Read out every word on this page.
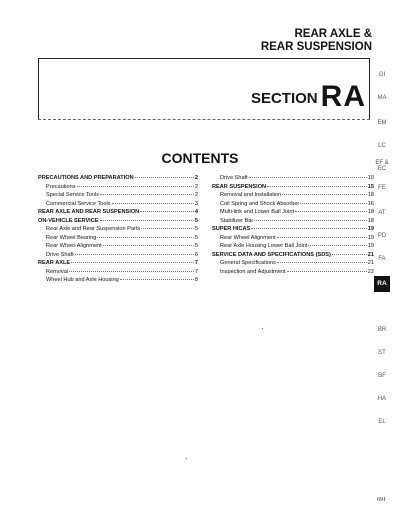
REAR AXLE &
REAR SUSPENSION
SECTION RA
CONTENTS
PRECAUTIONS AND PREPARATION	2
Precautions	2
Special Service Tools	2
Commercial Service Tools	3
REAR AXLE AND REAR SUSPENSION	4
ON-VEHICLE SERVICE	5
Rear Axle and Rear Suspension Parts	5
Rear Wheel Bearing	5
Rear Wheel Alignment	5
Drive Shaft	6
REAR AXLE	7
Removal	7
Wheel Hub and Axle Housing	8
Drive Shaft	10
REAR SUSPENSION	15
Removal and Installation	18
Coil Spring and Shock Absorber	16
Multi-link and Lower Ball Joint	18
Stabilizer Bar	18
SUPER HICAS	19
Rear Wheel Alignment	19
Rear Axle Housing Lower Ball Joint	19
SERVICE DATA AND SPECIFICATIONS (SDS)	21
General Specifications	21
Inspection and Adjustment	22
GI
MA
EM
LC
EF & EC
FE
AT
PD
FA
RA
BR
ST
BF
HA
EL
691
